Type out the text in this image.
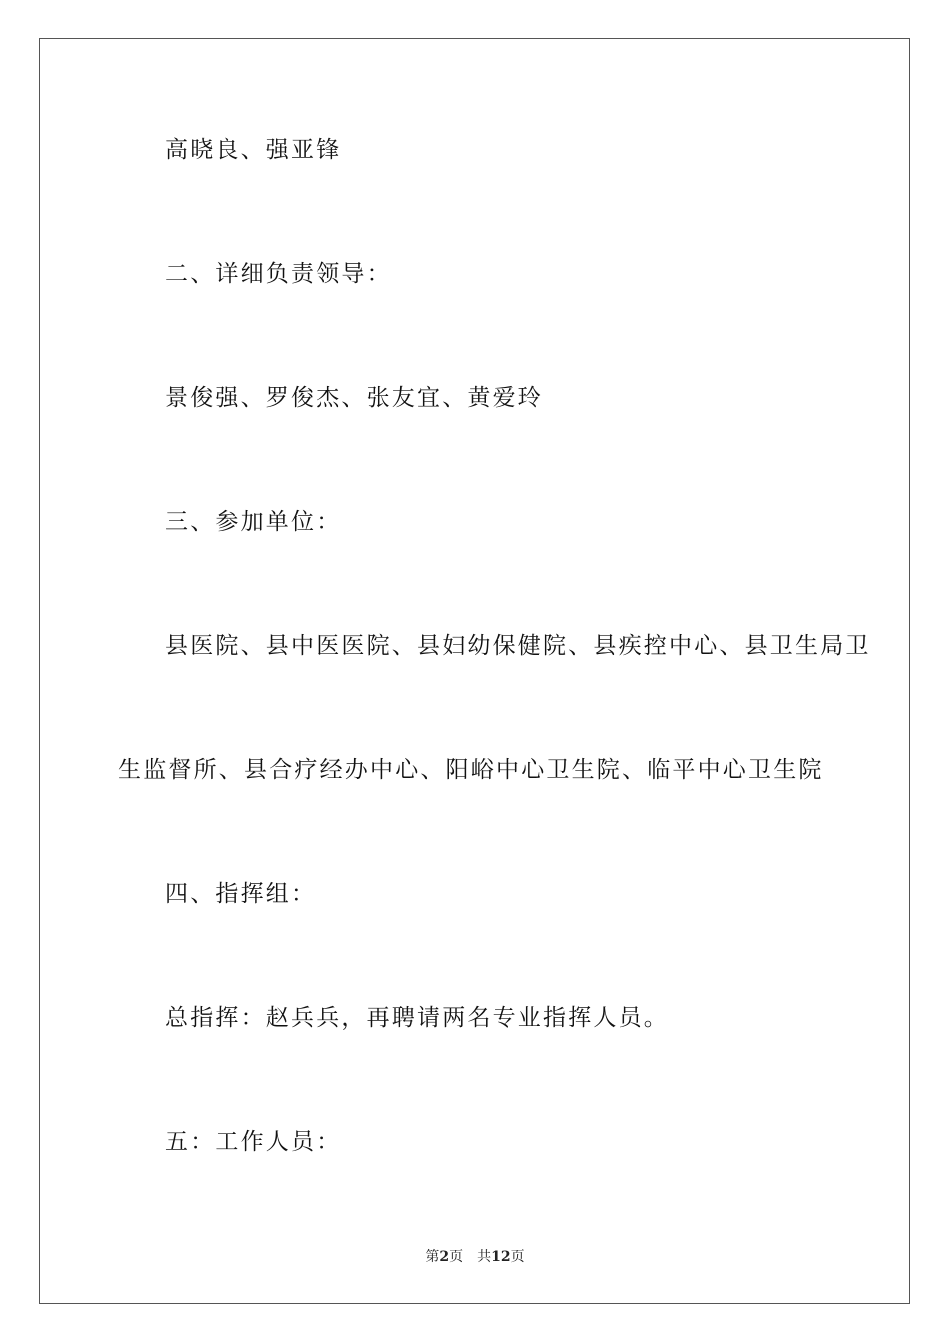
高晓良、强亚锋
二、详细负责领导：
景俊强、罗俊杰、张友宜、黄爱玲
三、参加单位：
县医院、县中医医院、县妇幼保健院、县疾控中心、县卫生局卫
生监督所、县合疗经办中心、阳峪中心卫生院、临平中心卫生院
四、指挥组：
总指挥：赵兵兵，再聘请两名专业指挥人员。
五：工作人员：
第2页 共12页
